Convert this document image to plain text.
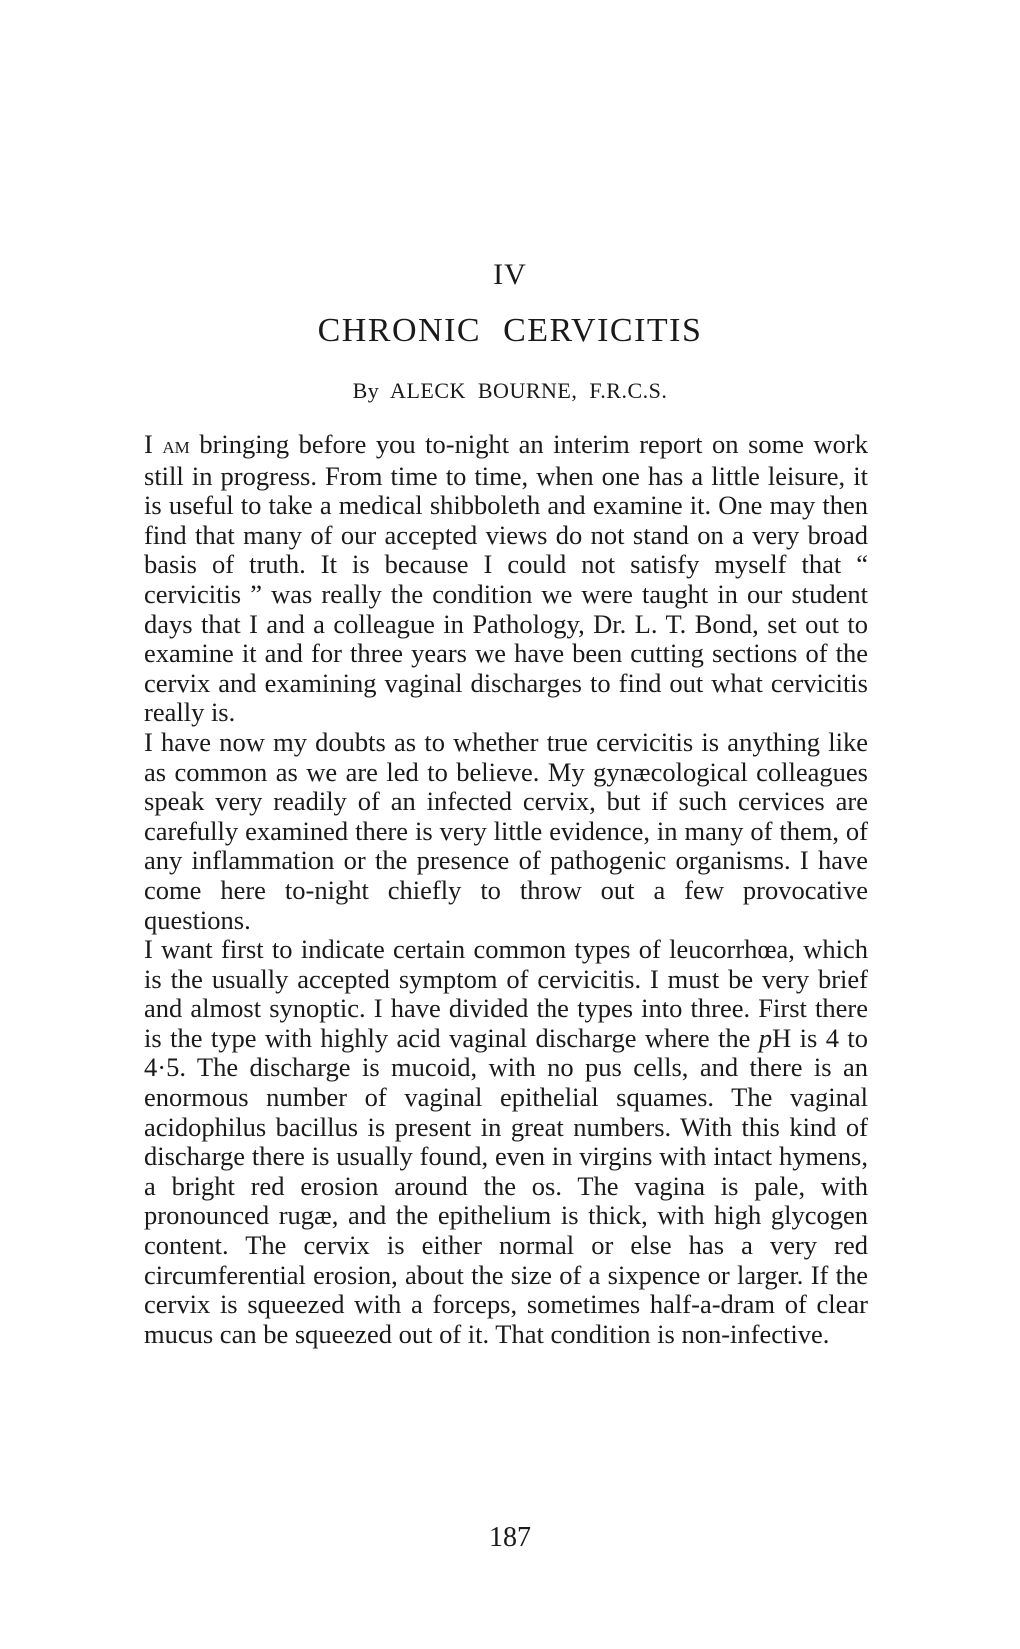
IV
CHRONIC CERVICITIS
By ALECK BOURNE, F.R.C.S.

I am bringing before you to-night an interim report on some work still in progress. From time to time, when one has a little leisure, it is useful to take a medical shibboleth and examine it. One may then find that many of our accepted views do not stand on a very broad basis of truth. It is because I could not satisfy myself that “ cervicitis ” was really the condition we were taught in our student days that I and a colleague in Pathology, Dr. L. T. Bond, set out to examine it and for three years we have been cutting sections of the cervix and examining vaginal discharges to find out what cervicitis really is.

I have now my doubts as to whether true cervicitis is anything like as common as we are led to believe. My gynæcological colleagues speak very readily of an infected cervix, but if such cervices are carefully examined there is very little evidence, in many of them, of any inflammation or the presence of pathogenic organisms. I have come here to-night chiefly to throw out a few provocative questions.

I want first to indicate certain common types of leucorrhœa, which is the usually accepted symptom of cervicitis. I must be very brief and almost synoptic. I have divided the types into three. First there is the type with highly acid vaginal discharge where the pH is 4 to 4·5. The discharge is mucoid, with no pus cells, and there is an enormous number of vaginal epithelial squames. The vaginal acidophilus bacillus is present in great numbers. With this kind of discharge there is usually found, even in virgins with intact hymens, a bright red erosion around the os. The vagina is pale, with pronounced rugæ, and the epithelium is thick, with high glycogen content. The cervix is either normal or else has a very red circumferential erosion, about the size of a sixpence or larger. If the cervix is squeezed with a forceps, sometimes half-a-dram of clear mucus can be squeezed out of it. That condition is non-infective.

187
